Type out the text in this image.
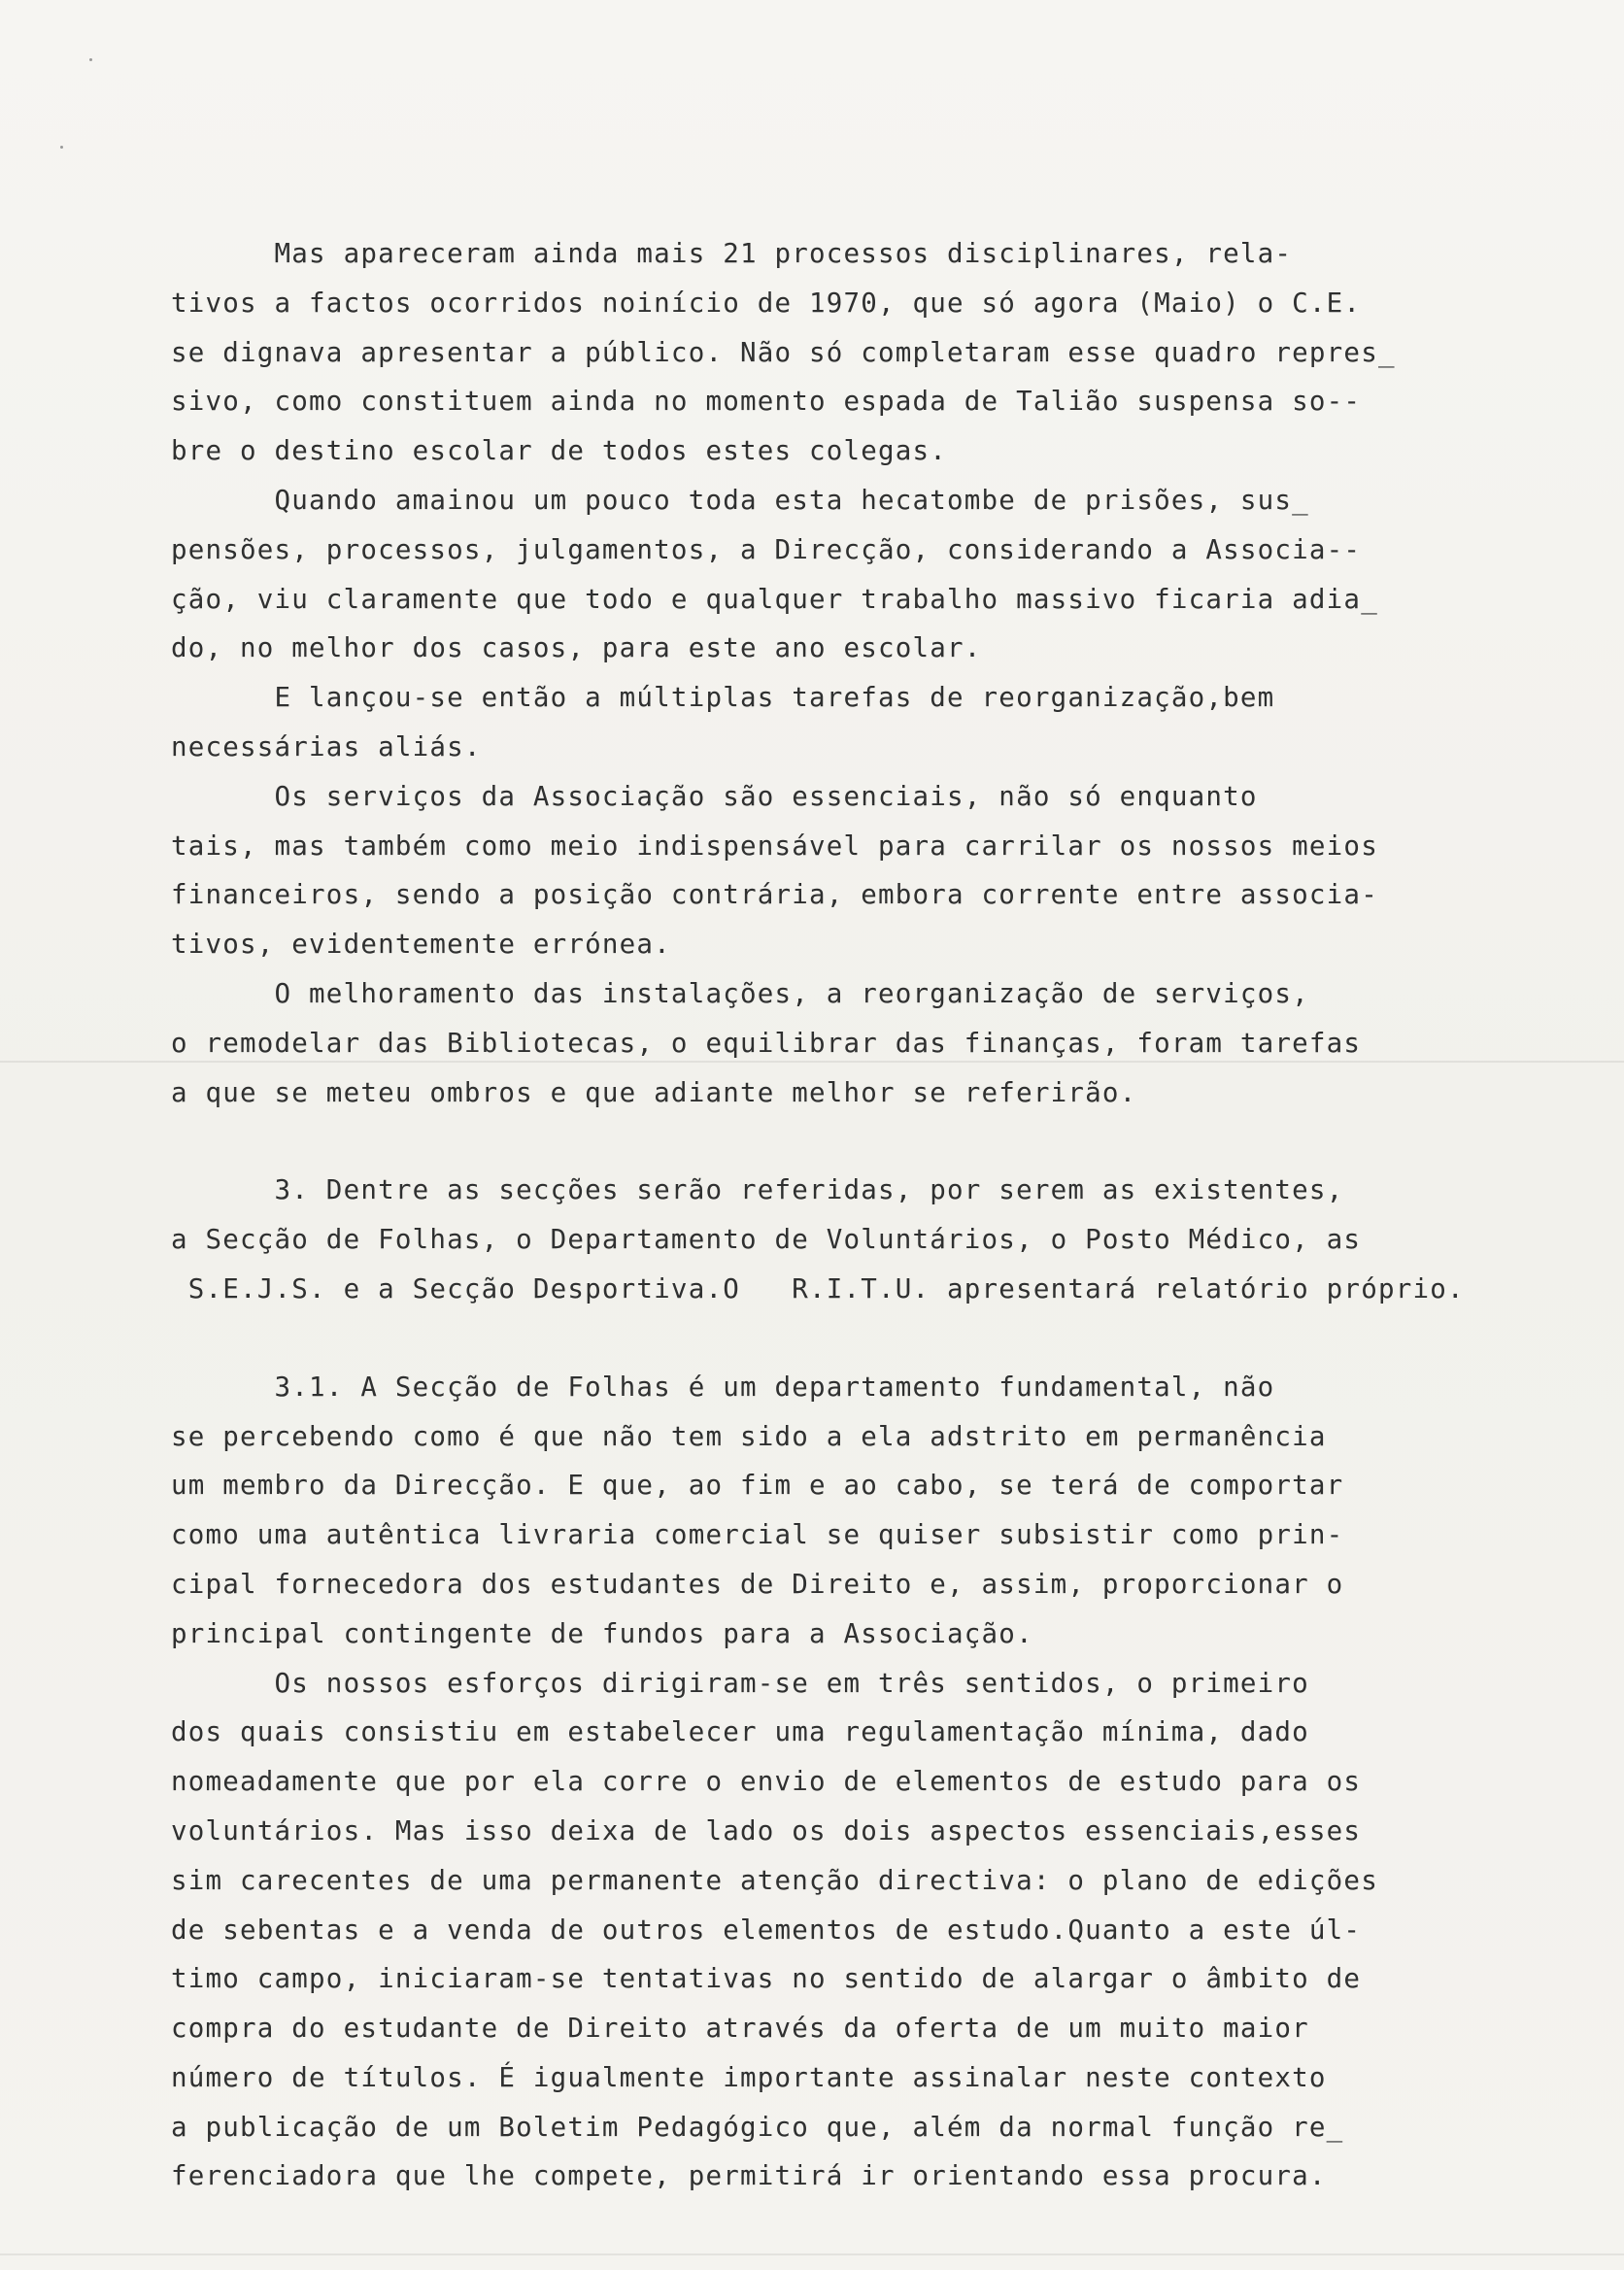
Mas apareceram ainda mais 21 processos disciplinares, rela-
tivos a factos ocorridos noinício de 1970, que só agora (Maio) o C.E.
se dignava apresentar a público. Não só completaram esse quadro repres_
sivo, como constituem ainda no momento espada de Talião suspensa so--
bre o destino escolar de todos estes colegas.
Quando amainou um pouco toda esta hecatombe de prisões, sus_
pensões, processos, julgamentos, a Direcção, considerando a Associa--
ção, viu claramente que todo e qualquer trabalho massivo ficaria adia_
do, no melhor dos casos, para este ano escolar.
E lançou-se então a múltiplas tarefas de reorganização,bem
necessárias aliás.
Os serviços da Associação são essenciais, não só enquanto
tais, mas também como meio indispensável para carrilar os nossos meios
financeiros, sendo a posição contrária, embora corrente entre associa-
tivos, evidentemente errónea.
O melhoramento das instalações, a reorganização de serviços,
o remodelar das Bibliotecas, o equilibrar das finanças, foram tarefas
a que se meteu ombros e que adiante melhor se referirão.
3. Dentre as secções serão referidas, por serem as existentes,
a Secção de Folhas, o Departamento de Voluntários, o Posto Médico, as
S.E.J.S. e a Secção Desportiva.O   R.I.T.U. apresentará relatório próprio.
3.1. A Secção de Folhas é um departamento fundamental, não
se percebendo como é que não tem sido a ela adstrito em permanência
um membro da Direcção. E que, ao fim e ao cabo, se terá de comportar
como uma autêntica livraria comercial se quiser subsistir como prin-
cipal fornecedora dos estudantes de Direito e, assim, proporcionar o
principal contingente de fundos para a Associação.
Os nossos esforços dirigiram-se em três sentidos, o primeiro
dos quais consistiu em estabelecer uma regulamentação mínima, dado
nomeadamente que por ela corre o envio de elementos de estudo para os
voluntários. Mas isso deixa de lado os dois aspectos essenciais,esses
sim carecentes de uma permanente atenção directiva: o plano de edições
de sebentas e a venda de outros elementos de estudo.Quanto a este úl-
timo campo, iniciaram-se tentativas no sentido de alargar o âmbito de
compra do estudante de Direito através da oferta de um muito maior
número de títulos. É igualmente importante assinalar neste contexto
a publicação de um Boletim Pedagógico que, além da normal função re_
ferenciadora que lhe compete, permitirá ir orientando essa procura.
